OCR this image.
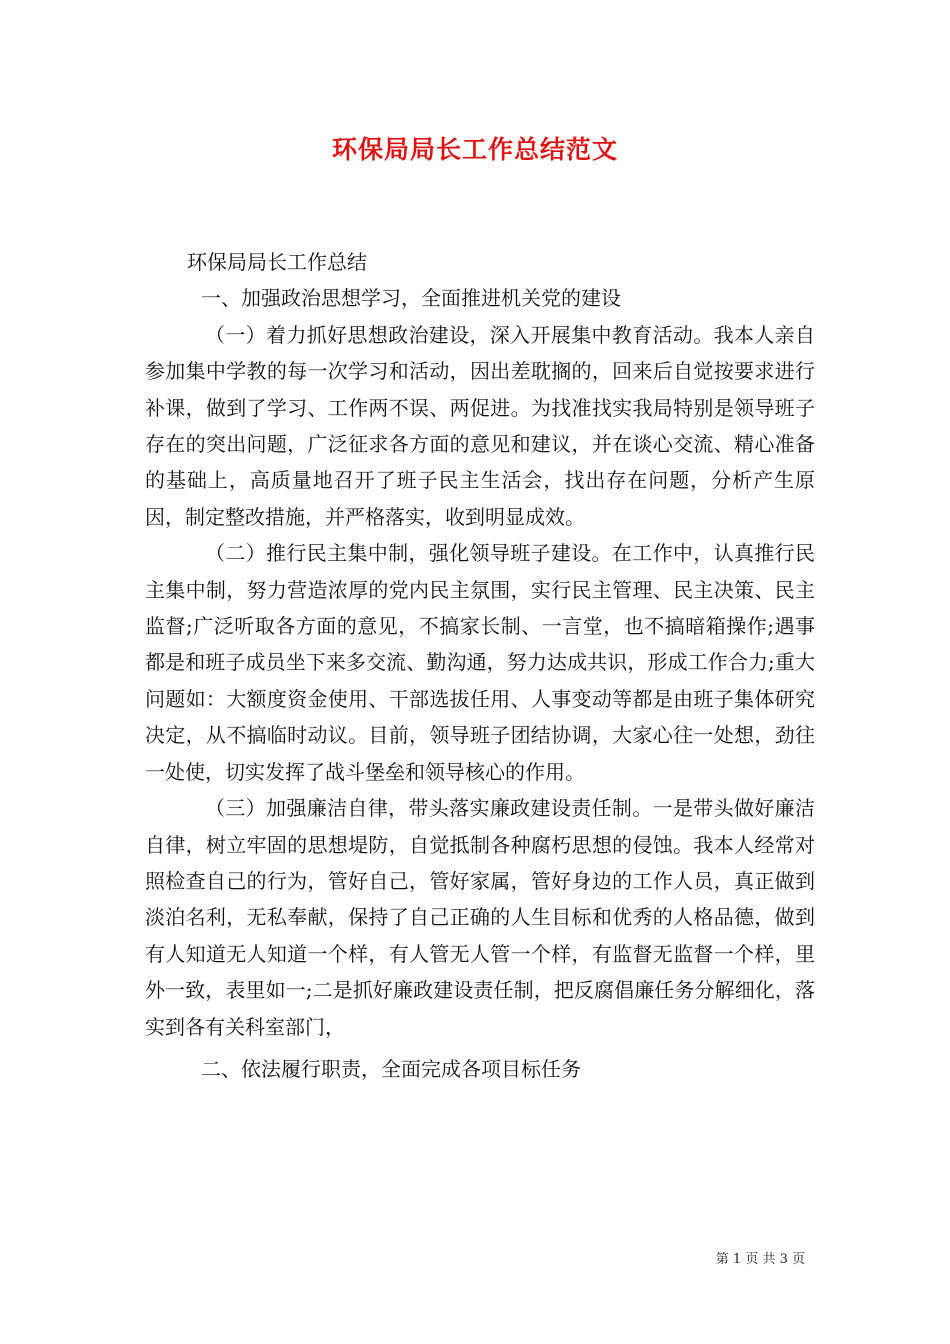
环保局局长工作总结范文

环保局局长工作总结

一、加强政治思想学习，全面推进机关党的建设

（一）着力抓好思想政治建设，深入开展集中教育活动。我本人亲自参加集中学教的每一次学习和活动，因出差耽搁的，回来后自觉按要求进行补课，做到了学习、工作两不误、两促进。为找准找实我局特别是领导班子存在的突出问题，广泛征求各方面的意见和建议，并在谈心交流、精心准备的基础上，高质量地召开了班子民主生活会，找出存在问题，分析产生原因，制定整改措施，并严格落实，收到明显成效。

（二）推行民主集中制，强化领导班子建设。在工作中，认真推行民主集中制，努力营造浓厚的党内民主氛围，实行民主管理、民主决策、民主监督;广泛听取各方面的意见，不搞家长制、一言堂，也不搞暗箱操作;遇事都是和班子成员坐下来多交流、勤沟通，努力达成共识，形成工作合力;重大问题如：大额度资金使用、干部选拔任用、人事变动等都是由班子集体研究决定，从不搞临时动议。目前，领导班子团结协调，大家心往一处想，劲往一处使，切实发挥了战斗堡垒和领导核心的作用。

（三）加强廉洁自律，带头落实廉政建设责任制。一是带头做好廉洁自律，树立牢固的思想堤防，自觉抵制各种腐朽思想的侵蚀。我本人经常对照检查自己的行为，管好自己，管好家属，管好身边的工作人员，真正做到淡泊名利，无私奉献，保持了自己正确的人生目标和优秀的人格品德，做到有人知道无人知道一个样，有人管无人管一个样，有监督无监督一个样，里外一致，表里如一;二是抓好廉政建设责任制，把反腐倡廉任务分解细化，落实到各有关科室部门，

二、依法履行职责，全面完成各项目标任务

第 1 页 共 3 页
